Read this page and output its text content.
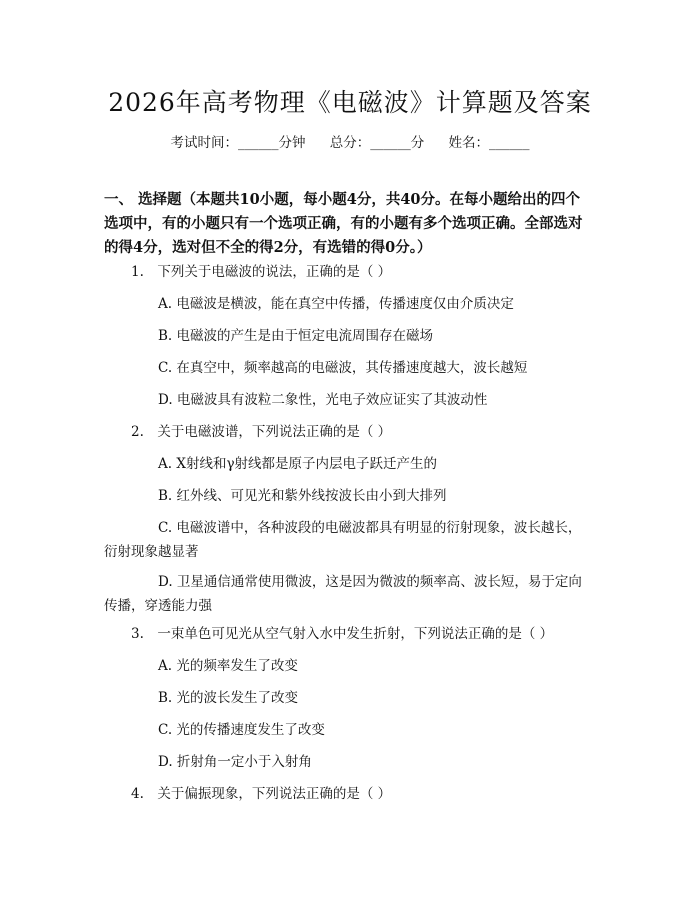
2026年高考物理《电磁波》计算题及答案
考试时间：______分钟 总分：______分 姓名：______
一、 选择题（本题共10小题，每小题4分，共40分。在每小题给出的四个选项中，有的小题只有一个选项正确，有的小题有多个选项正确。全部选对的得4分，选对但不全的得2分，有选错的得0分。）
1.　下列关于电磁波的说法，正确的是（ ）
A. 电磁波是横波，能在真空中传播，传播速度仅由介质决定
B. 电磁波的产生是由于恒定电流周围存在磁场
C. 在真空中，频率越高的电磁波，其传播速度越大，波长越短
D. 电磁波具有波粒二象性，光电子效应证实了其波动性
2.　关于电磁波谱，下列说法正确的是（ ）
A. X射线和γ射线都是原子内层电子跃迁产生的
B. 红外线、可见光和紫外线按波长由小到大排列
C. 电磁波谱中，各种波段的电磁波都具有明显的衍射现象，波长越长，衍射现象越显著
D. 卫星通信通常使用微波，这是因为微波的频率高、波长短，易于定向传播，穿透能力强
3.　一束单色可见光从空气射入水中发生折射，下列说法正确的是（ ）
A. 光的频率发生了改变
B. 光的波长发生了改变
C. 光的传播速度发生了改变
D. 折射角一定小于入射角
4.　关于偏振现象，下列说法正确的是（ ）
